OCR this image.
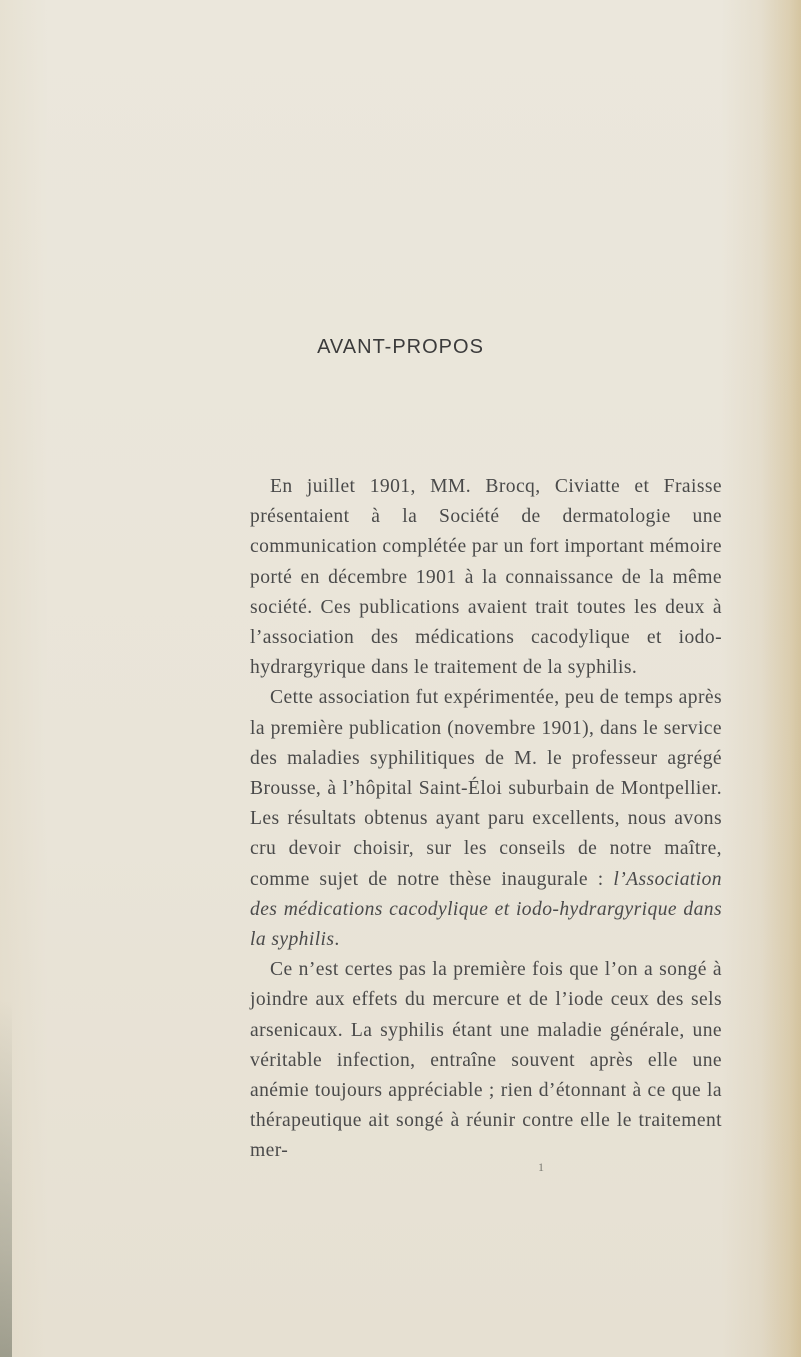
AVANT-PROPOS

En juillet 1901, MM. Brocq, Civiatte et Fraisse présentaient à la Société de dermatologie une communication complétée par un fort important mémoire porté en décembre 1901 à la connaissance de la même société. Ces publications avaient trait toutes les deux à l’association des médications cacodylique et iodo-hydrargyrique dans le traitement de la syphilis.

Cette association fut expérimentée, peu de temps après la première publication (novembre 1901), dans le service des maladies syphilitiques de M. le professeur agrégé Brousse, à l’hôpital Saint-Éloi suburbain de Montpellier. Les résultats obtenus ayant paru excellents, nous avons cru devoir choisir, sur les conseils de notre maître, comme sujet de notre thèse inaugurale : l’Association des médications cacodylique et iodo-hydrargyrique dans la syphilis.

Ce n’est certes pas la première fois que l’on a songé à joindre aux effets du mercure et de l’iode ceux des sels arsenicaux. La syphilis étant une maladie générale, une véritable infection, entraîne souvent après elle une anémie toujours appréciable ; rien d’étonnant à ce que la thérapeutique ait songé à réunir contre elle le traitement mer-

1
